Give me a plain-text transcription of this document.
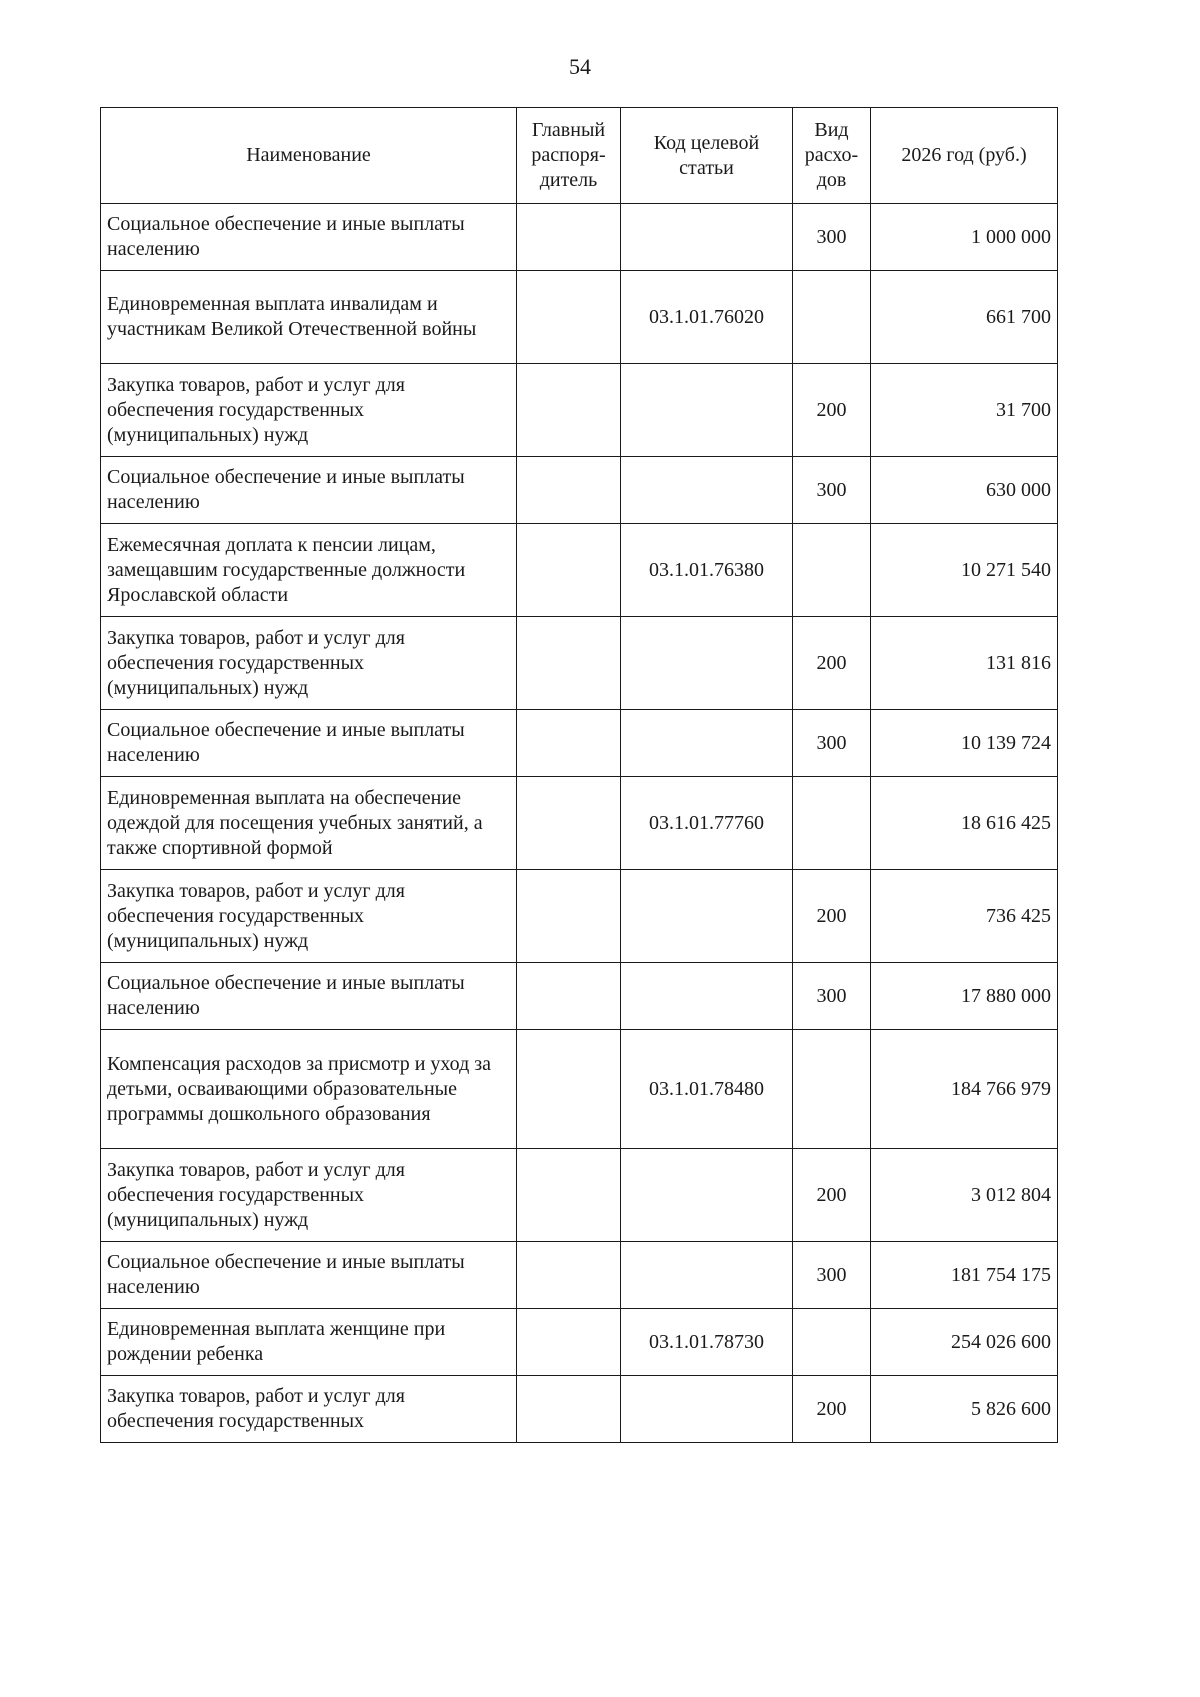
54
Наименование	Главный распоря-дитель	Код целевой статьи	Вид расхо-дов	2026 год (руб.)
Социальное обеспечение и иные выплаты населению			300	1 000 000
Единовременная выплата инвалидам и участникам Великой Отечественной войны		03.1.01.76020		661 700
Закупка товаров, работ и услуг для обеспечения государственных (муниципальных) нужд			200	31 700
Социальное обеспечение и иные выплаты населению			300	630 000
Ежемесячная доплата к пенсии лицам, замещавшим государственные должности Ярославской области		03.1.01.76380		10 271 540
Закупка товаров, работ и услуг для обеспечения государственных (муниципальных) нужд			200	131 816
Социальное обеспечение и иные выплаты населению			300	10 139 724
Единовременная выплата на обеспечение одеждой для посещения учебных занятий, а также спортивной формой		03.1.01.77760		18 616 425
Закупка товаров, работ и услуг для обеспечения государственных (муниципальных) нужд			200	736 425
Социальное обеспечение и иные выплаты населению			300	17 880 000
Компенсация расходов за присмотр и уход за детьми, осваивающими образовательные программы дошкольного образования		03.1.01.78480		184 766 979
Закупка товаров, работ и услуг для обеспечения государственных (муниципальных) нужд			200	3 012 804
Социальное обеспечение и иные выплаты населению			300	181 754 175
Единовременная выплата женщине при рождении ребенка		03.1.01.78730		254 026 600
Закупка товаров, работ и услуг для обеспечения государственных			200	5 826 600
